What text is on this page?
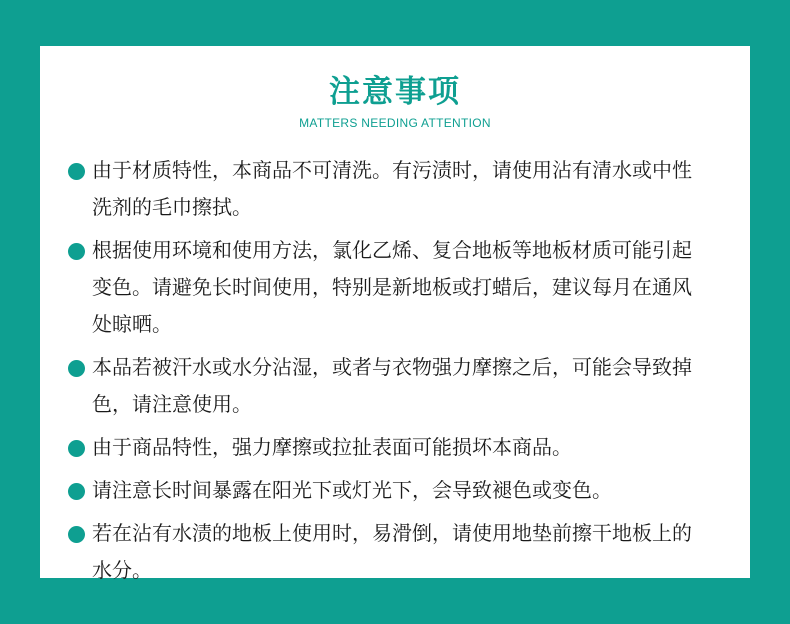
注意事项
MATTERS NEEDING ATTENTION
由于材质特性，本商品不可清洗。有污渍时，请使用沾有清水或中性洗剂的毛巾擦拭。
根据使用环境和使用方法，氯化乙烯、复合地板等地板材质可能引起变色。请避免长时间使用，特别是新地板或打蜡后，建议每月在通风处晾晒。
本品若被汗水或水分沾湿，或者与衣物强力摩擦之后，可能会导致掉色，请注意使用。
由于商品特性，强力摩擦或拉扯表面可能损坏本商品。
请注意长时间暴露在阳光下或灯光下，会导致褪色或变色。
若在沾有水渍的地板上使用时，易滑倒，请使用地垫前擦干地板上的水分。
